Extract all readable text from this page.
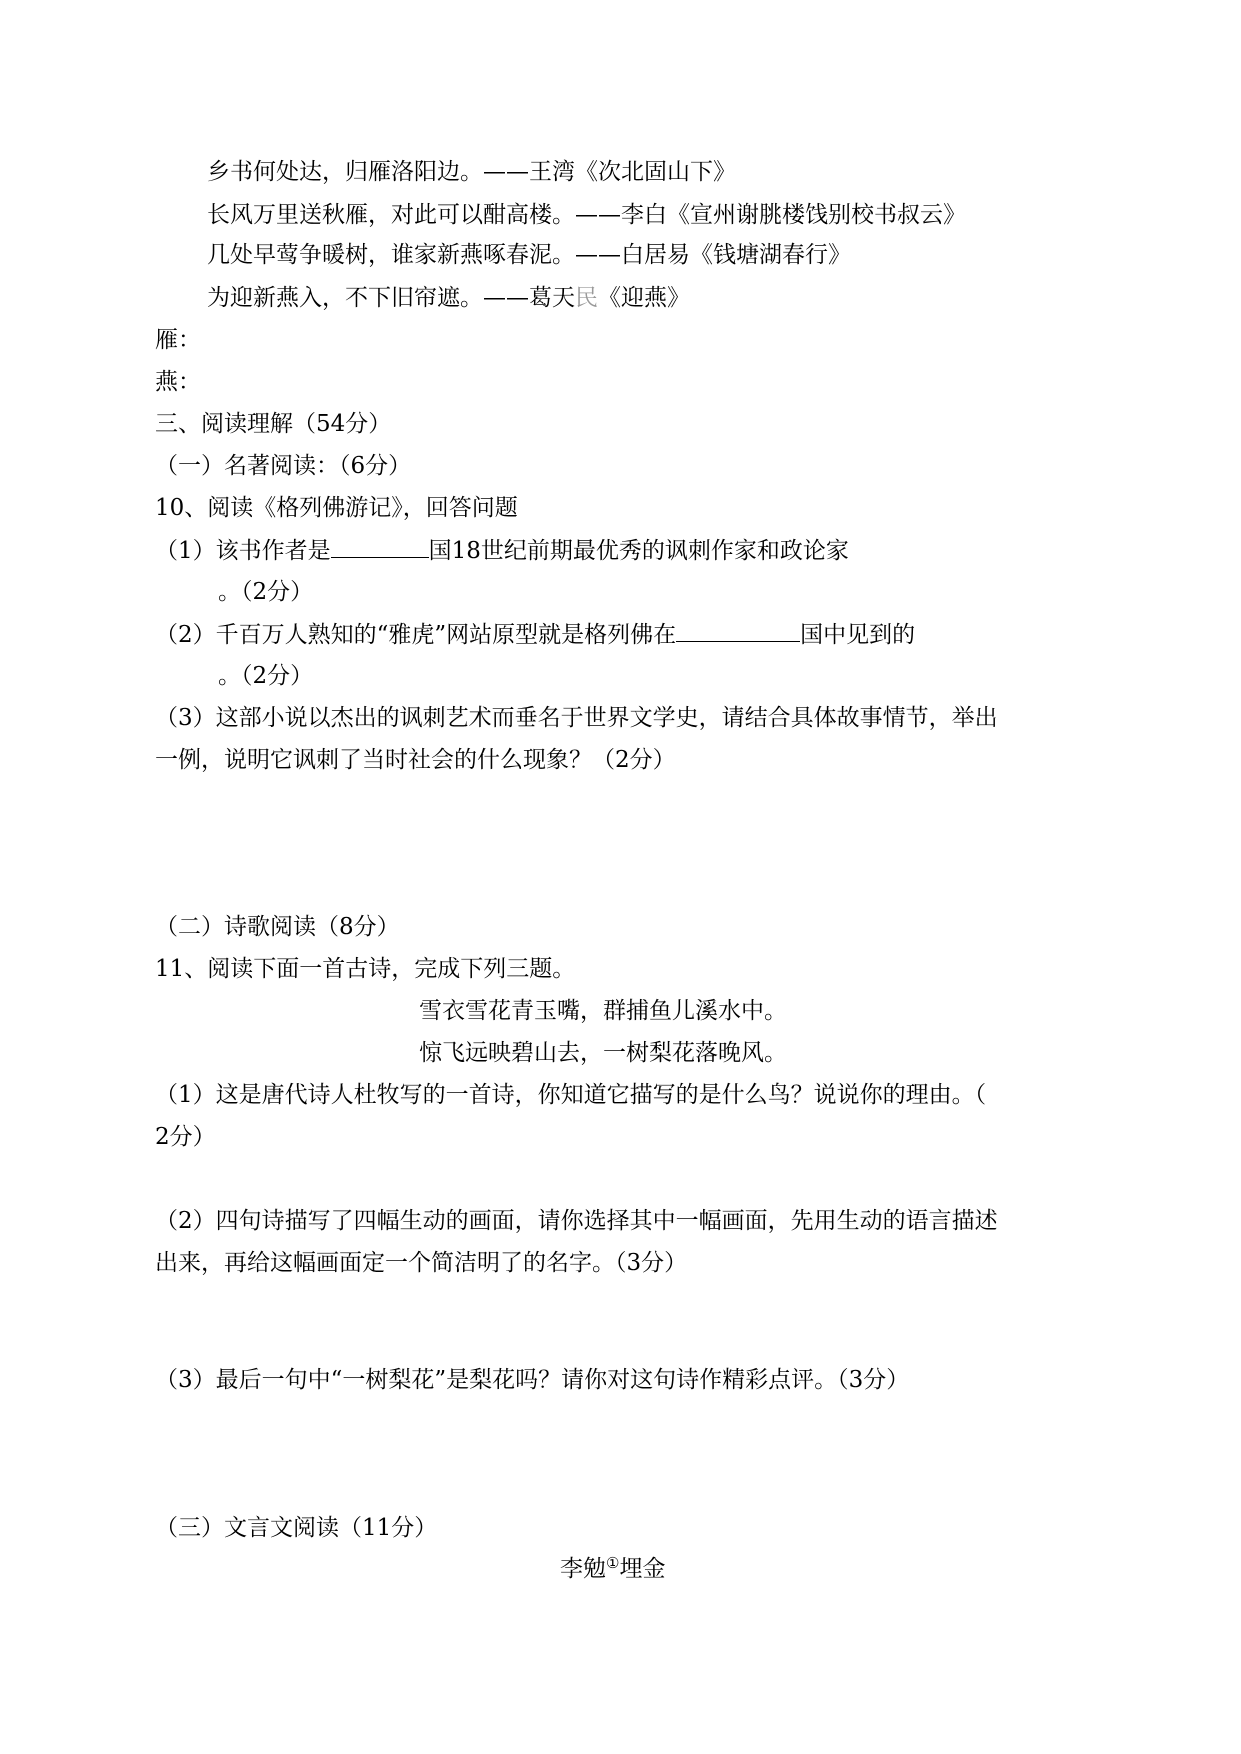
乡书何处达，归雁洛阳边。——王湾《次北固山下》
长风万里送秋雁，对此可以酣高楼。——李白《宣州谢朓楼饯别校书叔云》
几处早莺争暖树，谁家新燕啄春泥。——白居易《钱塘湖春行》
为迎新燕入，不下旧帘遮。——葛天民《迎燕》
雁：
燕：
三、阅读理解（54分）
（一）名著阅读：（6分）
10、阅读《格列佛游记》，回答问题
（1）该书作者是	国18世纪前期最优秀的讽刺作家和政论家
。（2分）
（2）千百万人熟知的“雅虎”网站原型就是格列佛在	国中见到的
。（2分）
（3）这部小说以杰出的讽刺艺术而垂名于世界文学史，请结合具体故事情节，举出
一例，说明它讽刺了当时社会的什么现象？（2分）
（二）诗歌阅读（8分）
11、阅读下面一首古诗，完成下列三题。
雪衣雪花青玉嘴，群捕鱼儿溪水中。
惊飞远映碧山去，一树梨花落晚风。
（1）这是唐代诗人杜牧写的一首诗，你知道它描写的是什么鸟？说说你的理由。（
2分）
（2）四句诗描写了四幅生动的画面，请你选择其中一幅画面，先用生动的语言描述
出来，再给这幅画面定一个简洁明了的名字。（3分）
（3）最后一句中“一树梨花”是梨花吗？请你对这句诗作精彩点评。（3分）
（三）文言文阅读（11分）
李勉①埋金
